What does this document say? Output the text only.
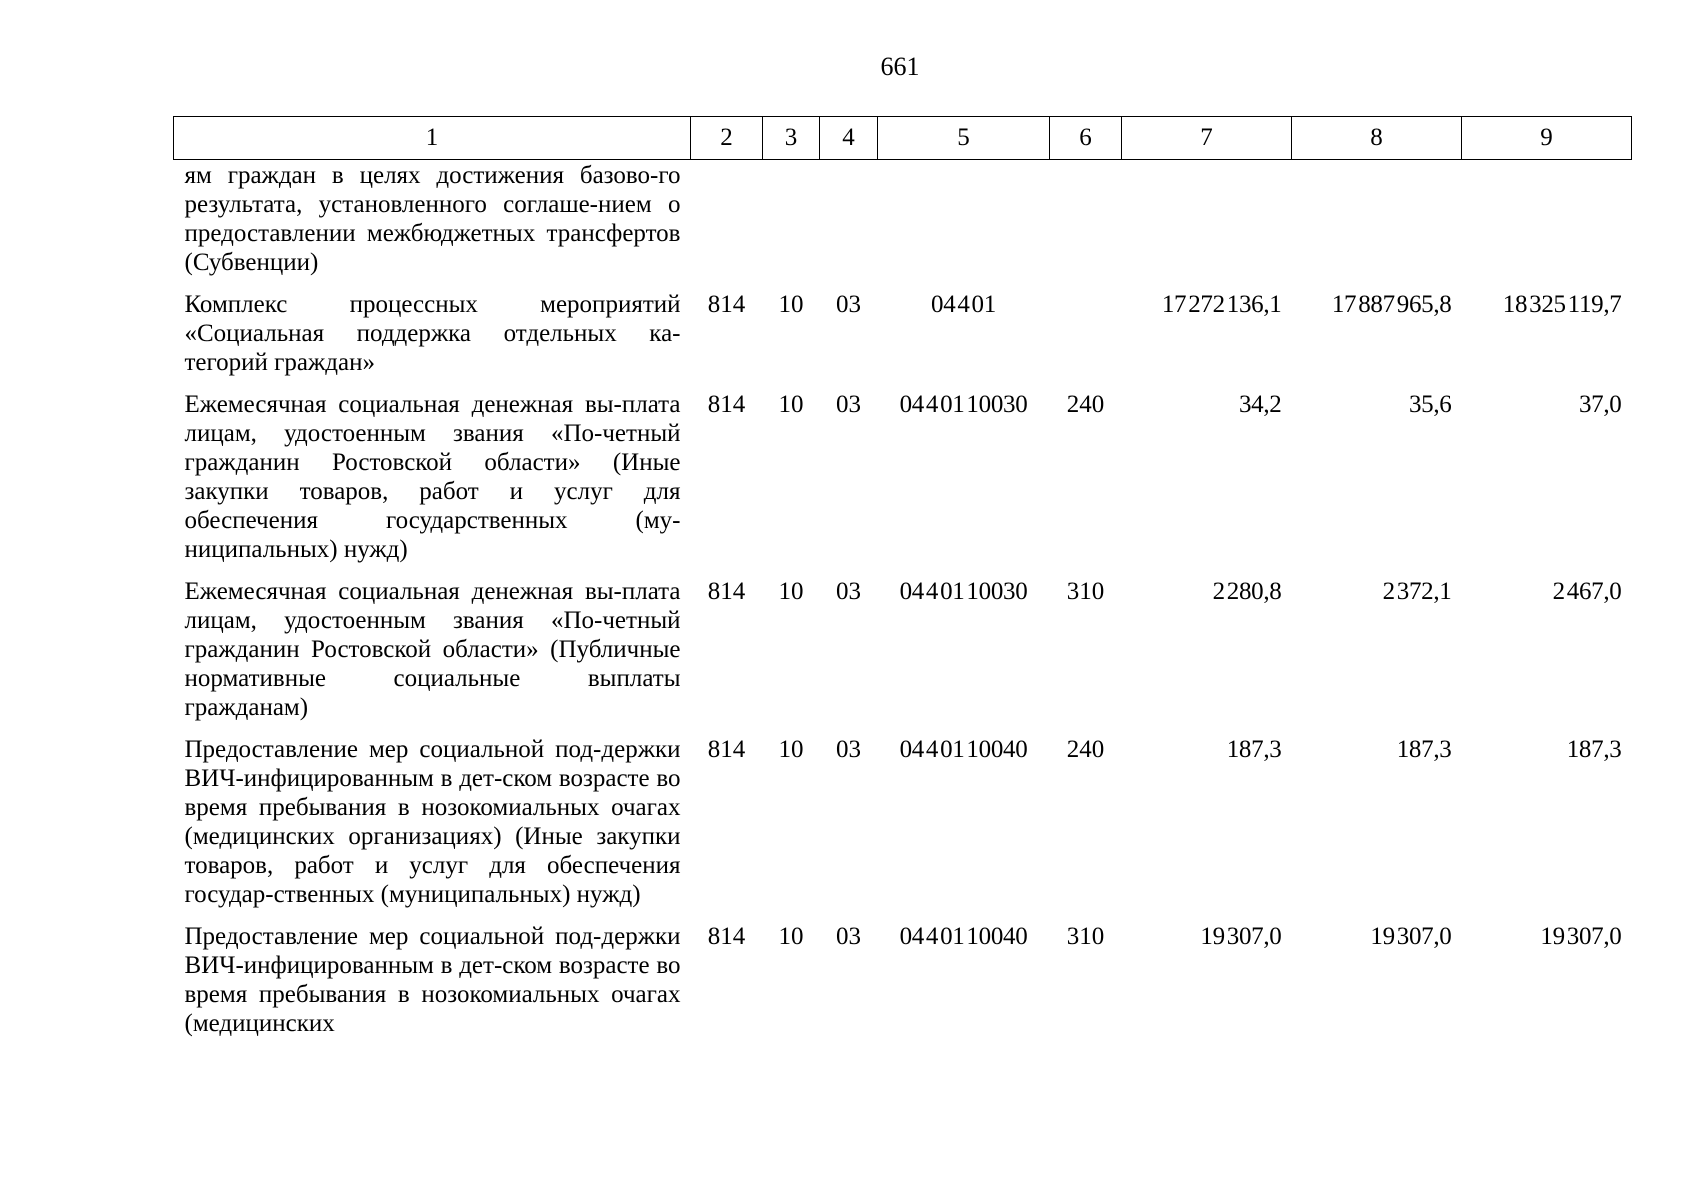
661
1	2	3	4	5	6	7	8	9
ям граждан в целях достижения базово-го результата, установленного соглаше-нием о предоставлении межбюджетных трансфертов (Субвенции)								
Комплекс процессных мероприятий «Социальная поддержка отдельных ка-тегорий граждан»	814	10	03	04 4 01		17 272 136,1	17 887 965,8	18 325 119,7
Ежемесячная социальная денежная вы-плата лицам, удостоенным звания «По-четный гражданин Ростовской области» (Иные закупки товаров, работ и услуг для обеспечения государственных (му-ниципальных) нужд)	814	10	03	04 4 01 10030	240	34,2	35,6	37,0
Ежемесячная социальная денежная вы-плата лицам, удостоенным звания «По-четный гражданин Ростовской области» (Публичные нормативные социальные выплаты гражданам)	814	10	03	04 4 01 10030	310	2 280,8	2 372,1	2 467,0
Предоставление мер социальной под-держки ВИЧ-инфицированным в дет-ском возрасте во время пребывания в нозокомиальных очагах (медицинских организациях) (Иные закупки товаров, работ и услуг для обеспечения государ-ственных (муниципальных) нужд)	814	10	03	04 4 01 10040	240	187,3	187,3	187,3
Предоставление мер социальной под-держки ВИЧ-инфицированным в дет-ском возрасте во время пребывания в нозокомиальных очагах (медицинских	814	10	03	04 4 01 10040	310	19 307,0	19 307,0	19 307,0
